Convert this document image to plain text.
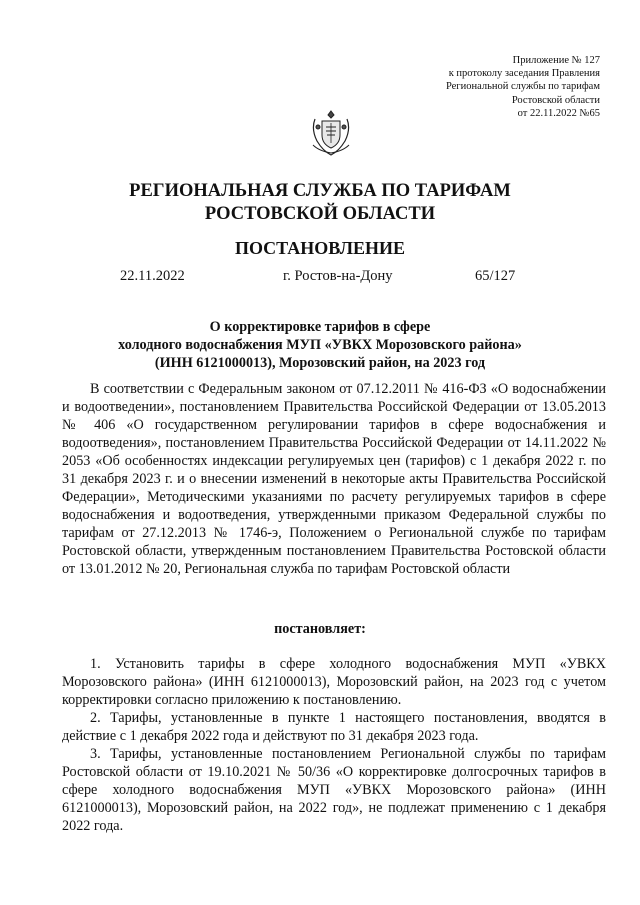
Приложение № 127
к протоколу заседания Правления
Региональной службы по тарифам
Ростовской области
от 22.11.2022 №65
РЕГИОНАЛЬНАЯ СЛУЖБА ПО ТАРИФАМ
РОСТОВСКОЙ ОБЛАСТИ
ПОСТАНОВЛЕНИЕ
22.11.2022	г. Ростов-на-Дону	65/127
О корректировке тарифов в сфере
холодного водоснабжения МУП «УВКХ Морозовского района»
(ИНН 6121000013), Морозовский район, на 2023 год
В соответствии с Федеральным законом от 07.12.2011 № 416-ФЗ «О водоснабжении и водоотведении», постановлением Правительства Российской Федерации от 13.05.2013 № 406 «О государственном регулировании тарифов в сфере водоснабжения и водоотведения», постановлением Правительства Российской Федерации от 14.11.2022 № 2053 «Об особенностях индексации регулируемых цен (тарифов) с 1 декабря 2022 г. по 31 декабря 2023 г. и о внесении изменений в некоторые акты Правительства Российской Федерации», Методическими указаниями по расчету регулируемых тарифов в сфере водоснабжения и водоотведения, утвержденными приказом Федеральной службы по тарифам от 27.12.2013 № 1746-э, Положением о Региональной службе по тарифам Ростовской области, утвержденным постановлением Правительства Ростовской области от 13.01.2012 № 20, Региональная служба по тарифам Ростовской области
постановляет:

1. Установить тарифы в сфере холодного водоснабжения МУП «УВКХ Морозовского района» (ИНН 6121000013), Морозовский район, на 2023 год с учетом корректировки согласно приложению к постановлению.

2. Тарифы, установленные в пункте 1 настоящего постановления, вводятся в действие с 1 декабря 2022 года и действуют по 31 декабря 2023 года.

3. Тарифы, установленные постановлением Региональной службы по тарифам Ростовской области от 19.10.2021 № 50/36 «О корректировке долгосрочных тарифов в сфере холодного водоснабжения МУП «УВКХ Морозовского района» (ИНН 6121000013), Морозовский район, на 2022 год», не подлежат применению с 1 декабря 2022 года.
